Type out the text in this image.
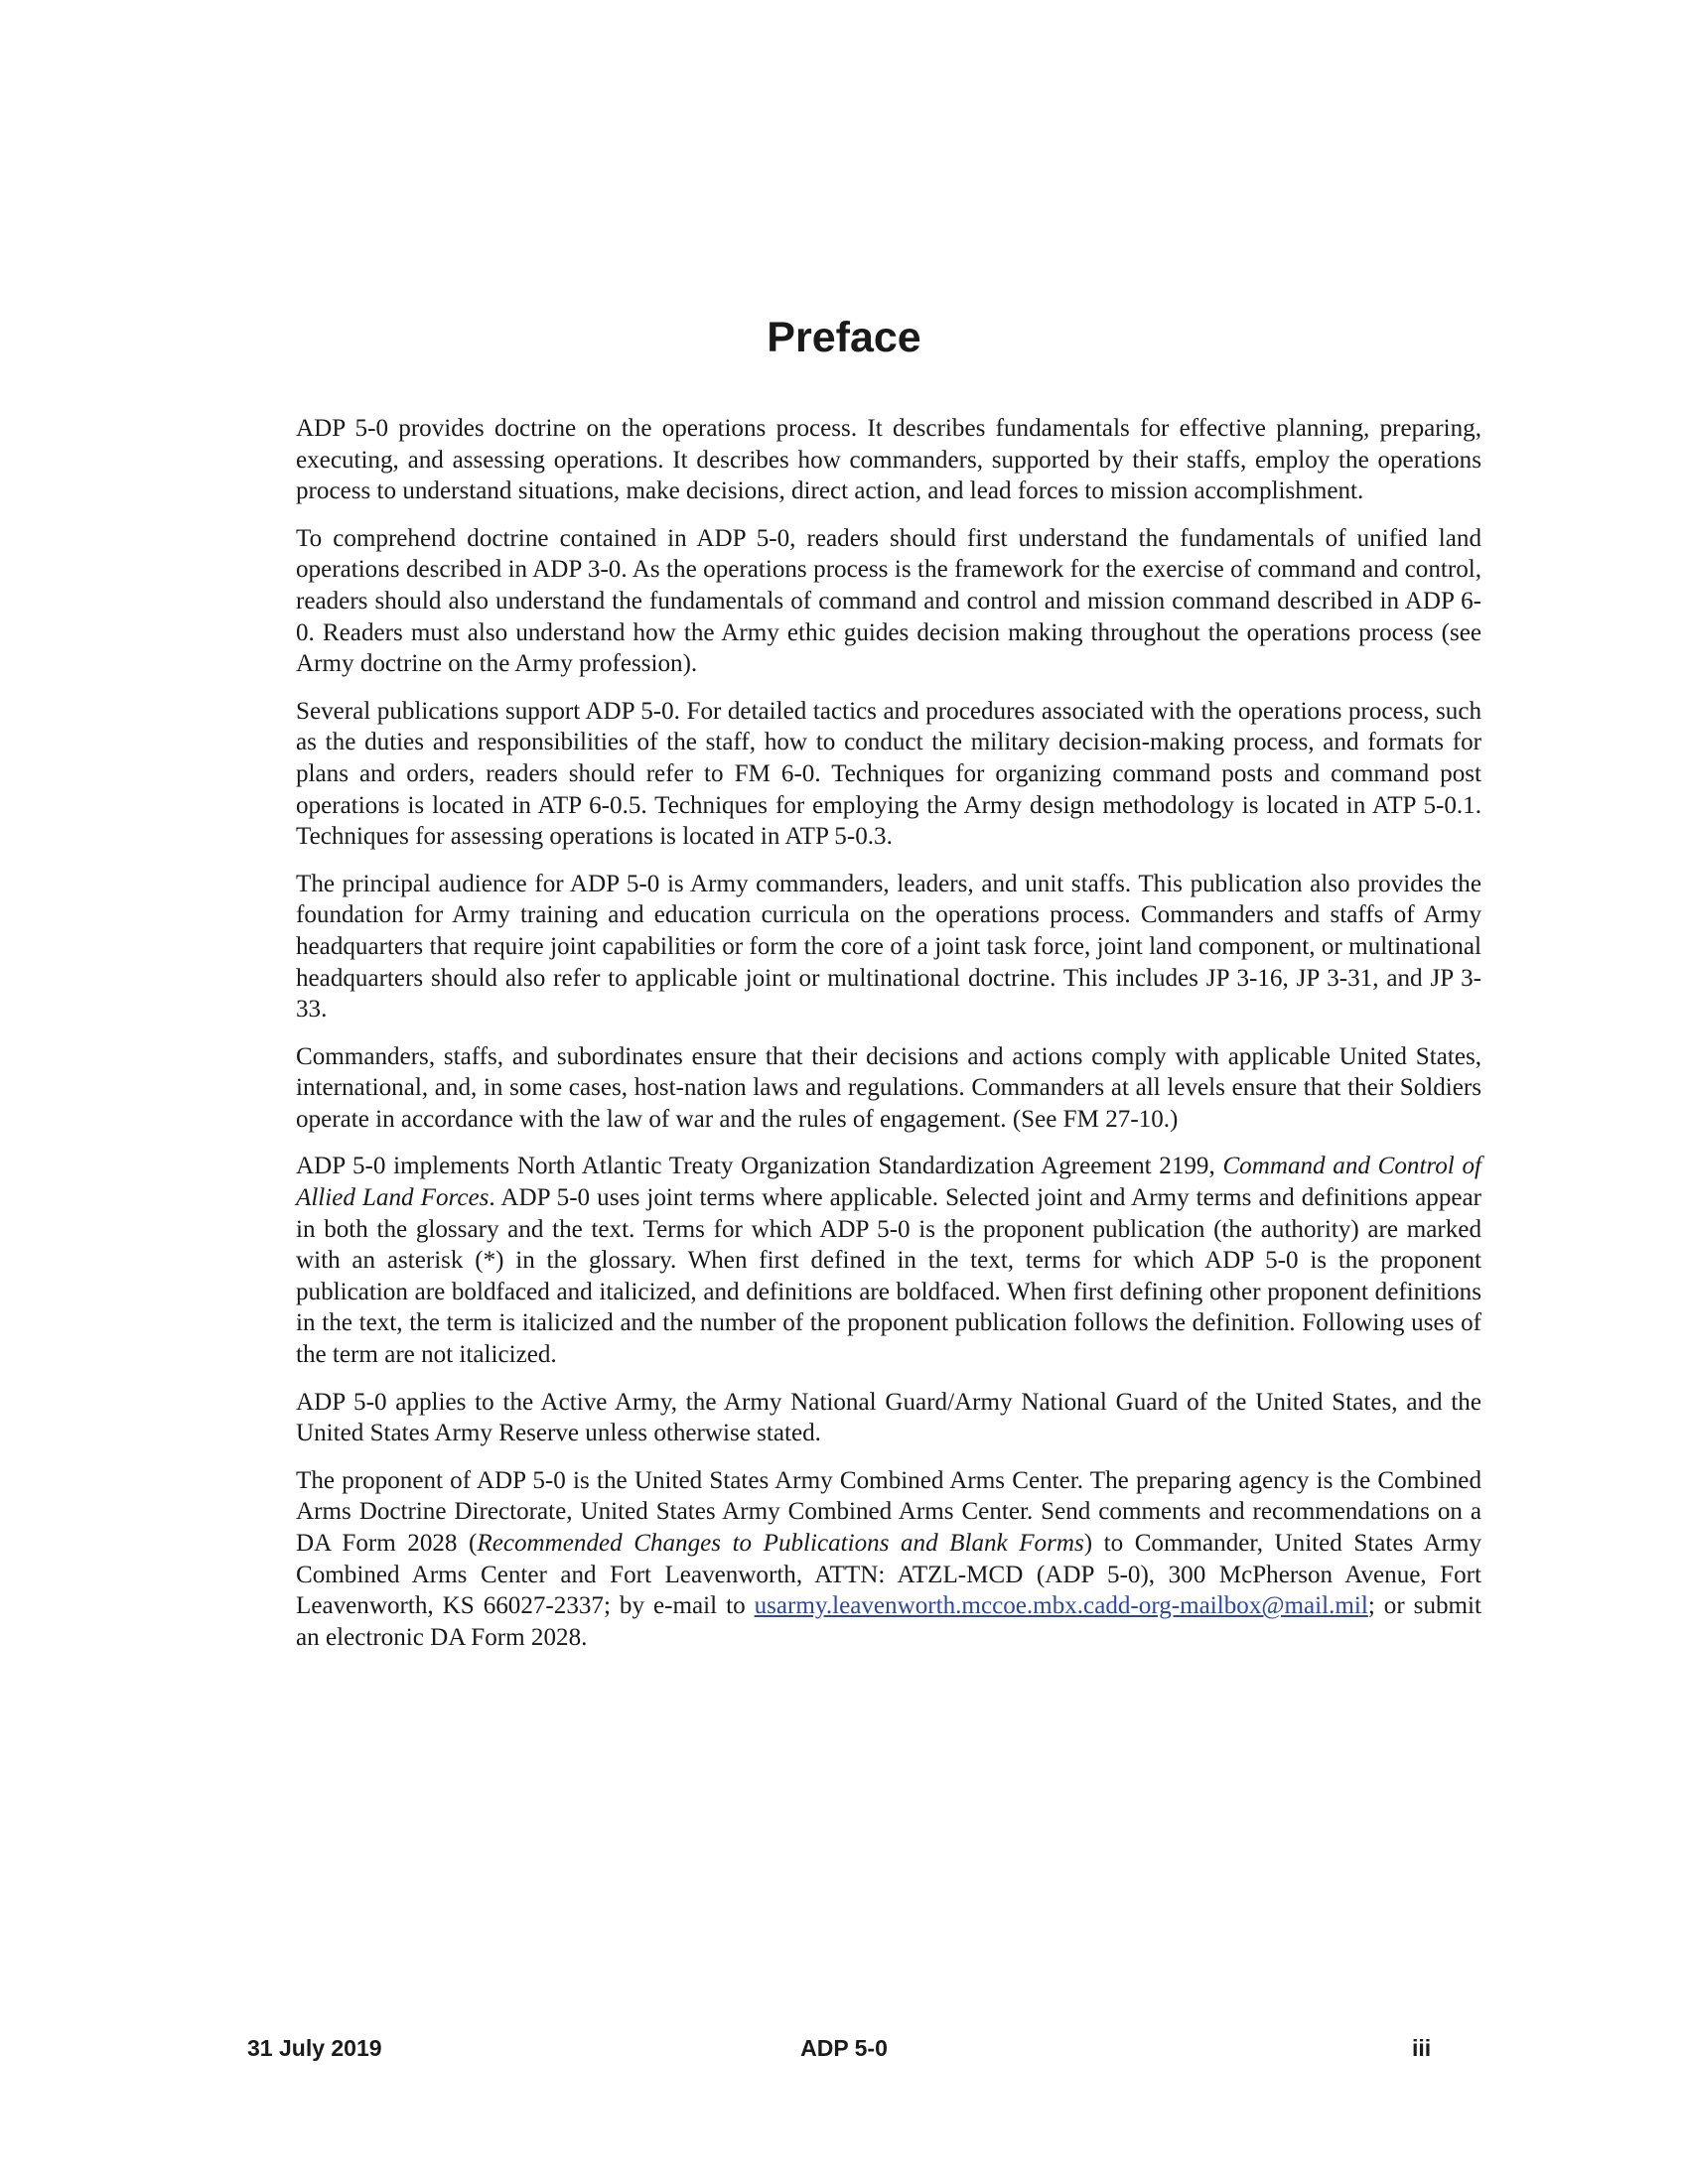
Preface

ADP 5-0 provides doctrine on the operations process. It describes fundamentals for effective planning, preparing, executing, and assessing operations. It describes how commanders, supported by their staffs, employ the operations process to understand situations, make decisions, direct action, and lead forces to mission accomplishment.

To comprehend doctrine contained in ADP 5-0, readers should first understand the fundamentals of unified land operations described in ADP 3-0. As the operations process is the framework for the exercise of command and control, readers should also understand the fundamentals of command and control and mission command described in ADP 6-0. Readers must also understand how the Army ethic guides decision making throughout the operations process (see Army doctrine on the Army profession).

Several publications support ADP 5-0. For detailed tactics and procedures associated with the operations process, such as the duties and responsibilities of the staff, how to conduct the military decision-making process, and formats for plans and orders, readers should refer to FM 6-0. Techniques for organizing command posts and command post operations is located in ATP 6-0.5. Techniques for employing the Army design methodology is located in ATP 5-0.1. Techniques for assessing operations is located in ATP 5-0.3.

The principal audience for ADP 5-0 is Army commanders, leaders, and unit staffs. This publication also provides the foundation for Army training and education curricula on the operations process. Commanders and staffs of Army headquarters that require joint capabilities or form the core of a joint task force, joint land component, or multinational headquarters should also refer to applicable joint or multinational doctrine. This includes JP 3-16, JP 3-31, and JP 3-33.

Commanders, staffs, and subordinates ensure that their decisions and actions comply with applicable United States, international, and, in some cases, host-nation laws and regulations. Commanders at all levels ensure that their Soldiers operate in accordance with the law of war and the rules of engagement. (See FM 27-10.)

ADP 5-0 implements North Atlantic Treaty Organization Standardization Agreement 2199, Command and Control of Allied Land Forces. ADP 5-0 uses joint terms where applicable. Selected joint and Army terms and definitions appear in both the glossary and the text. Terms for which ADP 5-0 is the proponent publication (the authority) are marked with an asterisk (*) in the glossary. When first defined in the text, terms for which ADP 5-0 is the proponent publication are boldfaced and italicized, and definitions are boldfaced. When first defining other proponent definitions in the text, the term is italicized and the number of the proponent publication follows the definition. Following uses of the term are not italicized.

ADP 5-0 applies to the Active Army, the Army National Guard/Army National Guard of the United States, and the United States Army Reserve unless otherwise stated.

The proponent of ADP 5-0 is the United States Army Combined Arms Center. The preparing agency is the Combined Arms Doctrine Directorate, United States Army Combined Arms Center. Send comments and recommendations on a DA Form 2028 (Recommended Changes to Publications and Blank Forms) to Commander, United States Army Combined Arms Center and Fort Leavenworth, ATTN: ATZL-MCD (ADP 5-0), 300 McPherson Avenue, Fort Leavenworth, KS 66027-2337; by e-mail to usarmy.leavenworth.mccoe.mbx.cadd-org-mailbox@mail.mil; or submit an electronic DA Form 2028.

31 July 2019	ADP 5-0	iii
